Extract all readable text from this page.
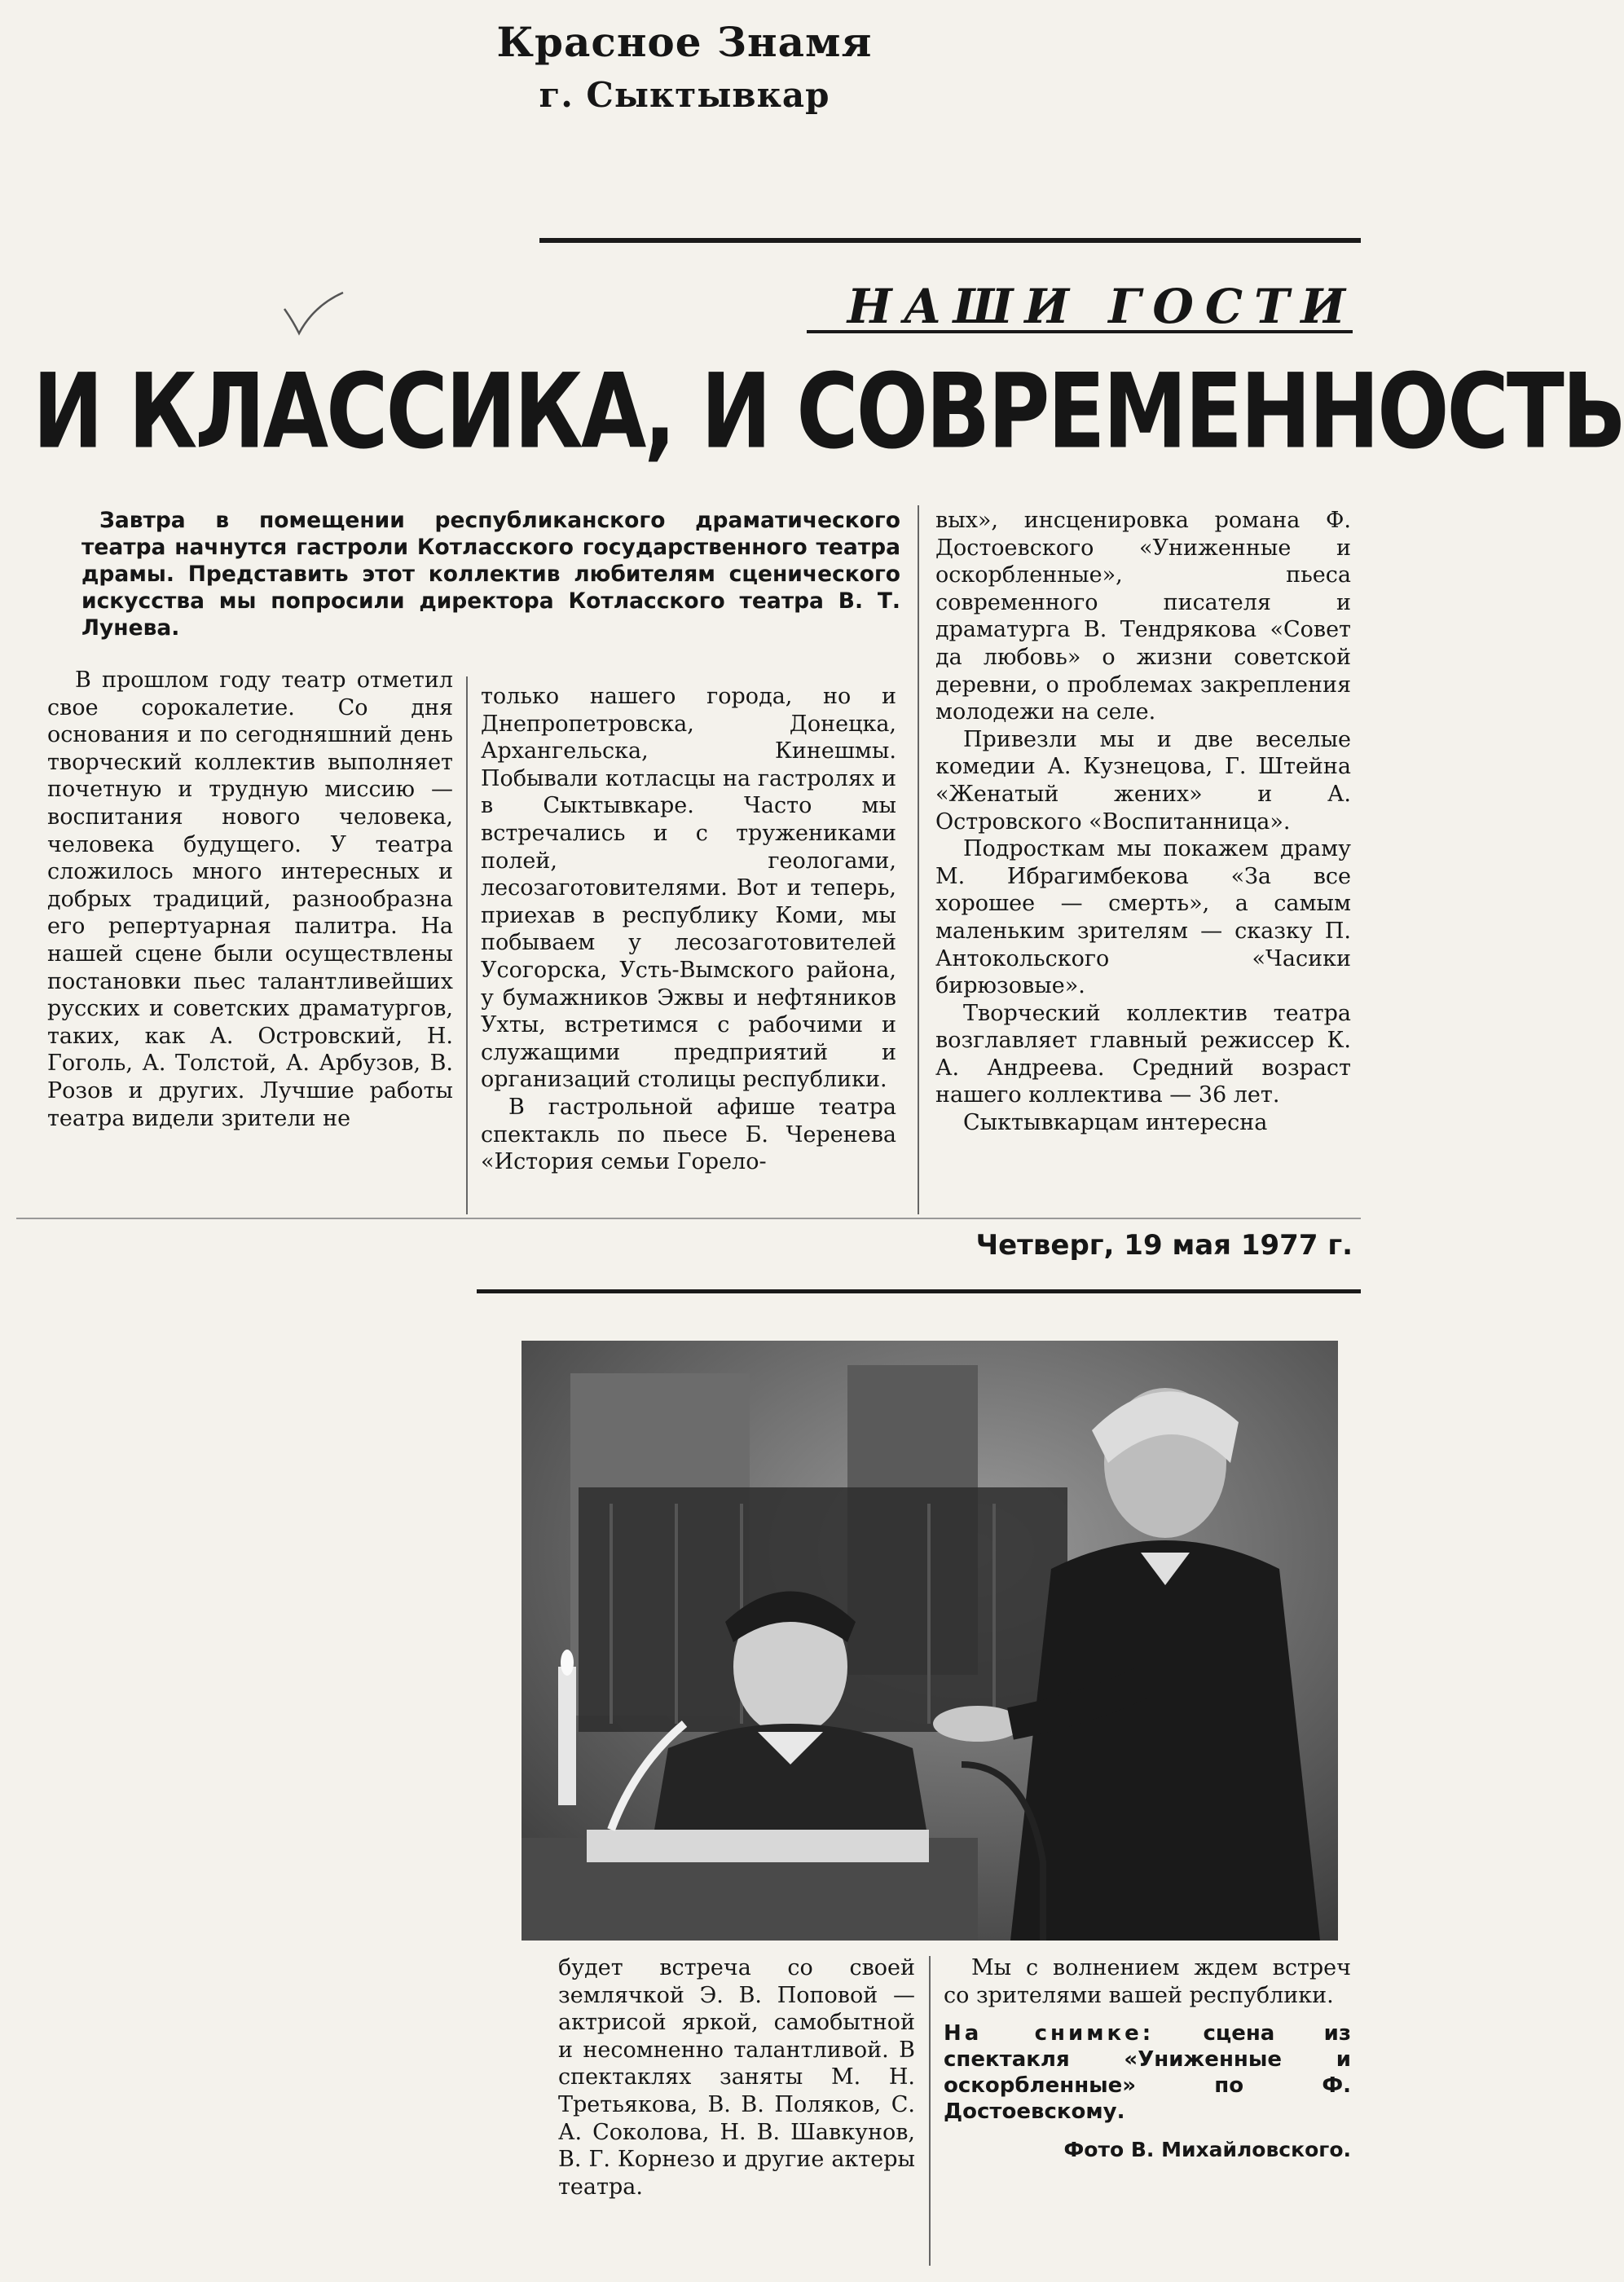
Красное Знамя
г. Сыктывкар
НАШИ ГОСТИ
И КЛАССИКА, И СОВРЕМЕННОСТЬ
Завтра в помещении республиканского драматического театра начнутся гастроли Котласского государственного театра драмы. Представить этот коллектив любителям сценического искусства мы попросили директора Котласского театра В. Т. Лунева.

В прошлом году театр отметил свое сорокалетие. Со дня основания и по сегодняшний день творческий коллектив выполняет почетную и трудную миссию — воспитания нового человека, человека будущего. У театра сложилось много интересных и добрых традиций, разнообразна его репертуарная палитра. На нашей сцене были осуществлены постановки пьес талантливейших русских и советских драматургов, таких, как А. Островский, Н. Гоголь, А. Толстой, А. Арбузов, В. Розов и других. Лучшие работы театра видели зрители не

только нашего города, но и Днепропетровска, Донецка, Архангельска, Кинешмы. Побывали котласцы на гастролях и в Сыктывкаре. Часто мы встречались и с тружениками полей, геологами, лесозаготовителями. Вот и теперь, приехав в республику Коми, мы побываем у лесозаготовителей Усогорска, Усть-Вымского района, у бумажников Эжвы и нефтяников Ухты, встретимся с рабочими и служащими предприятий и организаций столицы республики.

В гастрольной афише театра спектакль по пьесе Б. Черенева «История семьи Горело-

вых», инсценировка романа Ф. Достоевского «Униженные и оскорбленные», пьеса современного писателя и драматурга В. Тендрякова «Совет да любовь» о жизни советской деревни, о проблемах закрепления молодежи на селе.

Привезли мы и две веселые комедии А. Кузнецова, Г. Штейна «Женатый жених» и А. Островского «Воспитанница».

Подросткам мы покажем драму М. Ибрагимбекова «За все хорошее — смерть», а самым маленьким зрителям — сказку П. Антокольского «Часики бирюзовые».

Творческий коллектив театра возглавляет главный режиссер К. А. Андреева. Средний возраст нашего коллектива — 36 лет.

Сыктывкарцам интересна

Четверг, 19 мая 1977 г.

будет встреча со своей землячкой Э. В. Поповой — актрисой яркой, самобытной и несомненно талантливой. В спектаклях заняты М. Н. Третьякова, В. В. Поляков, С. А. Соколова, Н. В. Шавкунов, В. Г. Корнезо и другие актеры театра.

Мы с волнением ждем встреч со зрителями вашей республики.

На снимке: сцена из спектакля «Униженные и оскорбленные» по Ф. Достоевскому.
Фото В. Михайловского.
